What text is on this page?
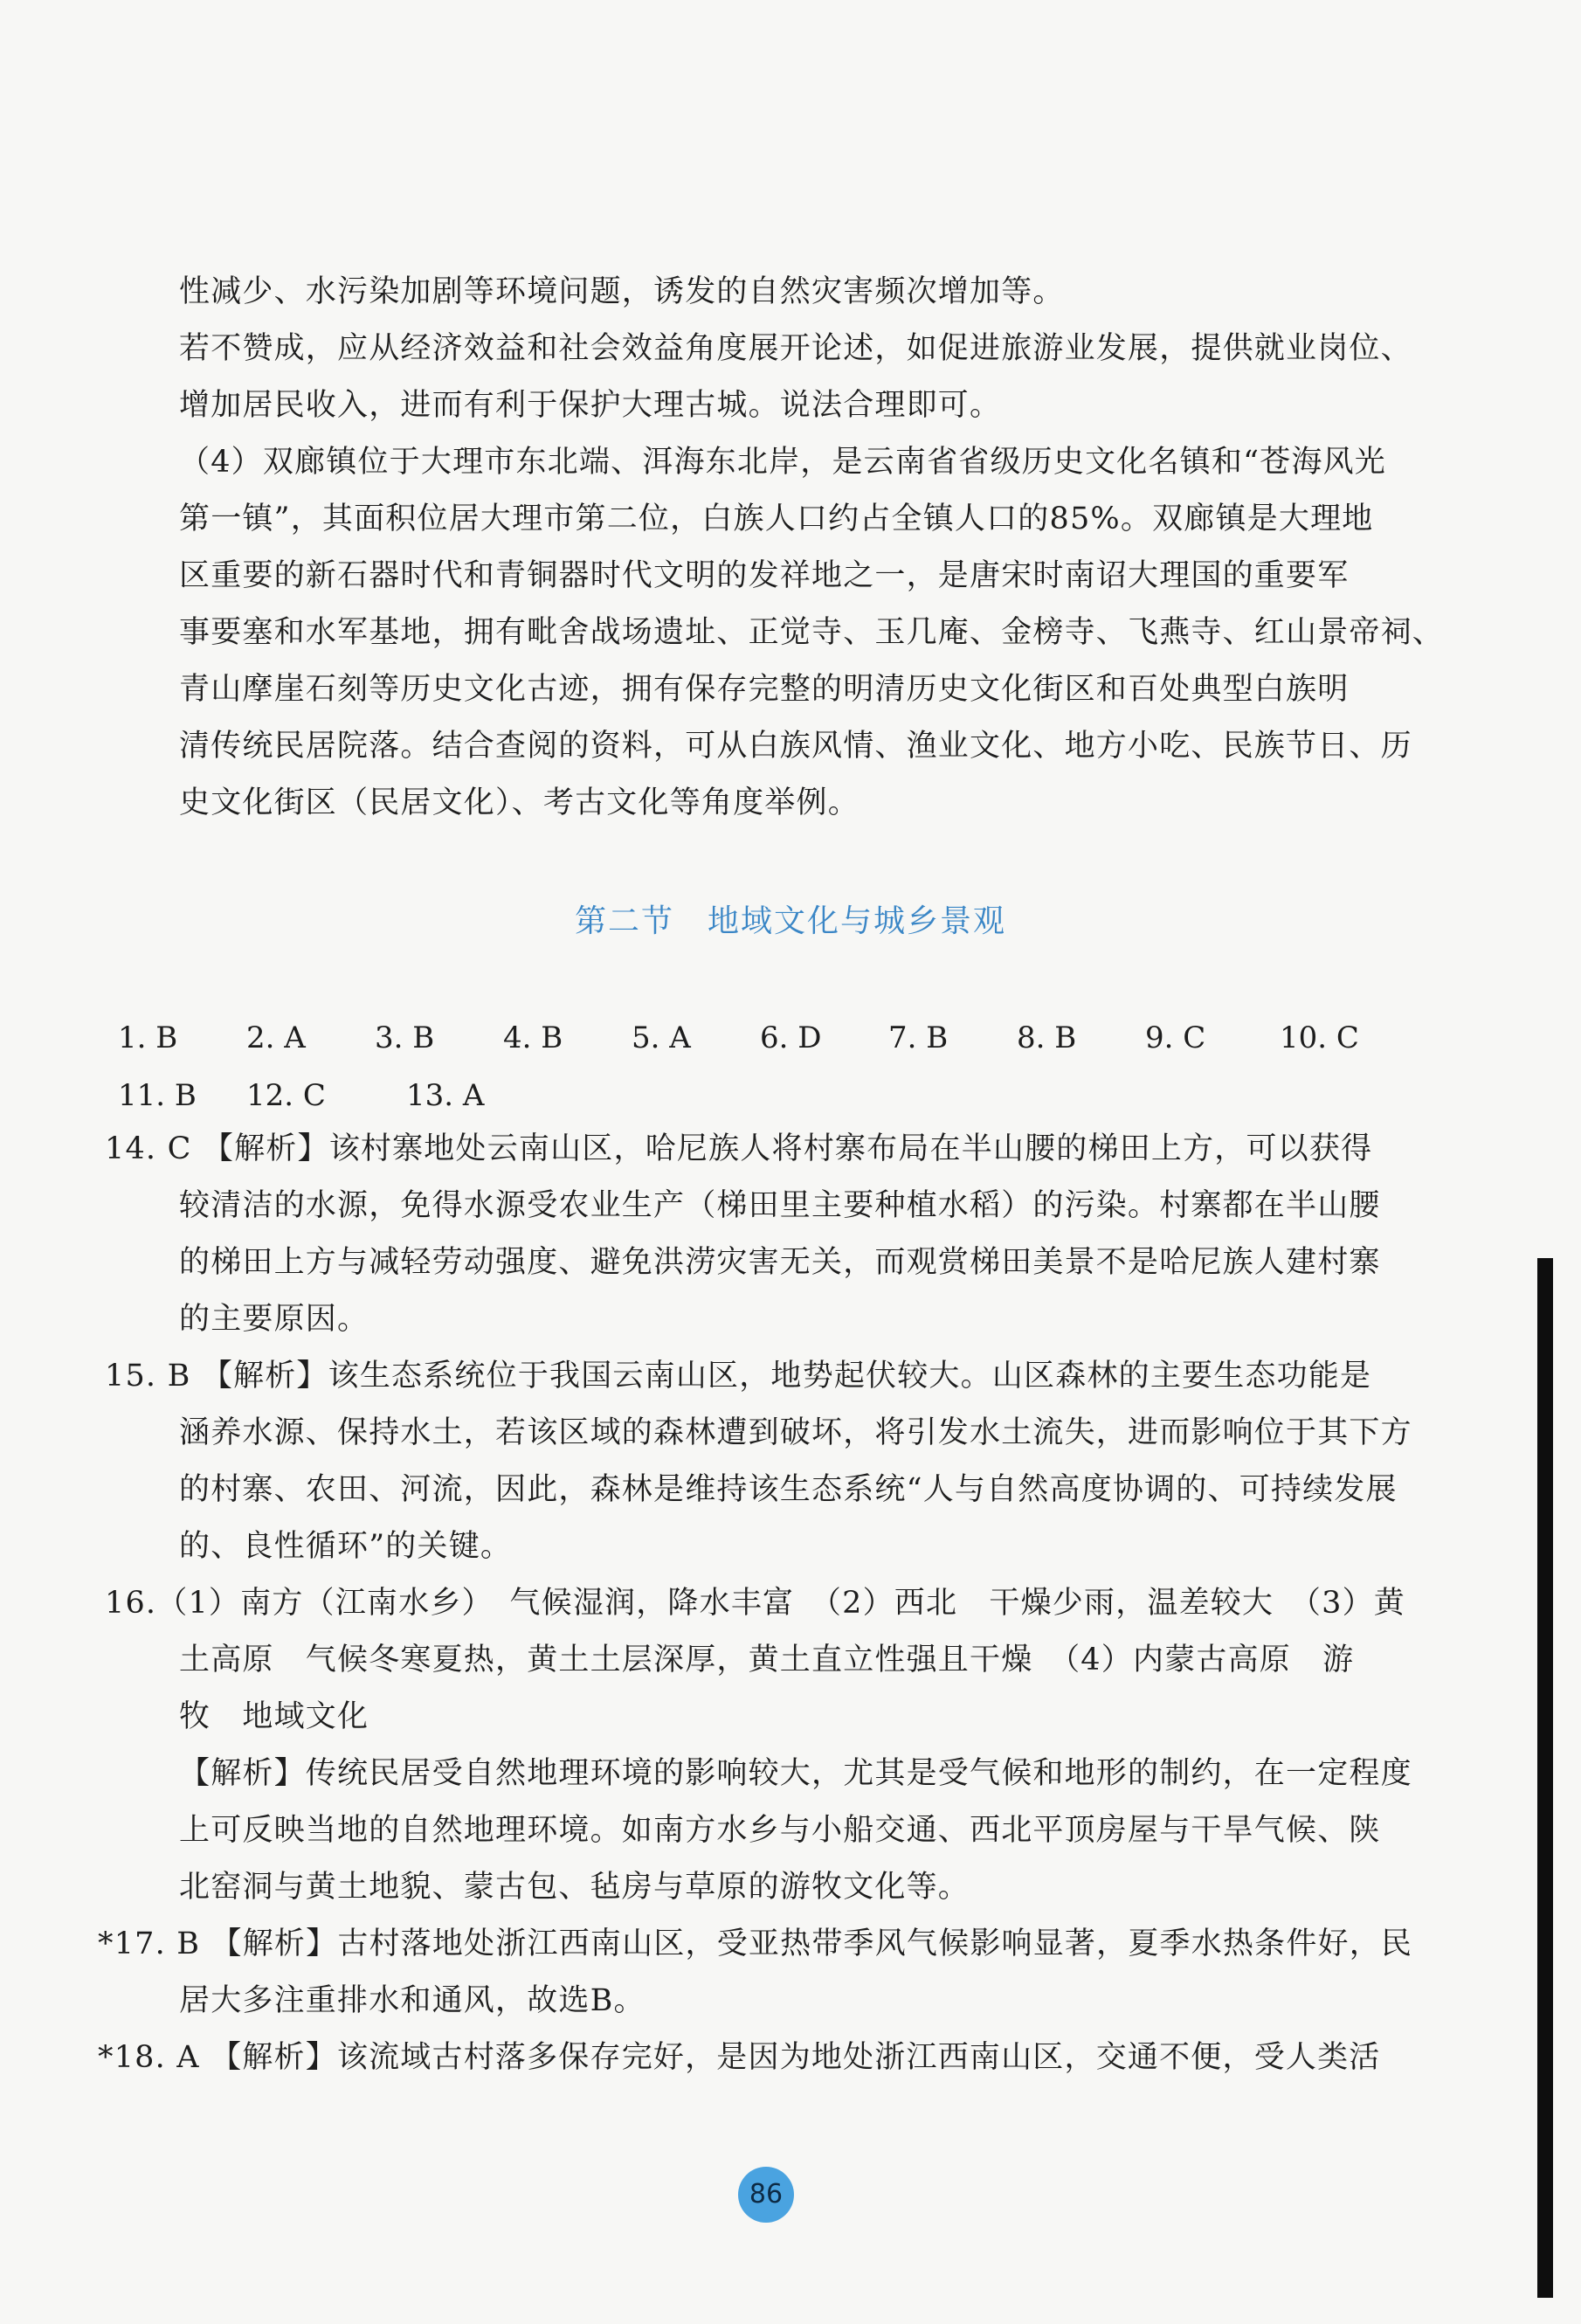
性减少、水污染加剧等环境问题，诱发的自然灾害频次增加等。
若不赞成，应从经济效益和社会效益角度展开论述，如促进旅游业发展，提供就业岗位、
增加居民收入，进而有利于保护大理古城。说法合理即可。
（4）双廊镇位于大理市东北端、洱海东北岸，是云南省省级历史文化名镇和“苍海风光
第一镇”，其面积位居大理市第二位，白族人口约占全镇人口的85%。双廊镇是大理地
区重要的新石器时代和青铜器时代文明的发祥地之一，是唐宋时南诏大理国的重要军
事要塞和水军基地，拥有毗舍战场遗址、正觉寺、玉几庵、金榜寺、飞燕寺、红山景帝祠、
青山摩崖石刻等历史文化古迹，拥有保存完整的明清历史文化街区和百处典型白族明
清传统民居院落。结合查阅的资料，可从白族风情、渔业文化、地方小吃、民族节日、历
史文化街区（民居文化）、考古文化等角度举例。
第二节　地域文化与城乡景观
1. B 2. A 3. B 4. B 5. A 6. D 7. B 8. B 9. C 10. C
11. B 12. C	13. A
14. C 【解析】该村寨地处云南山区，哈尼族人将村寨布局在半山腰的梯田上方，可以获得
较清洁的水源，免得水源受农业生产（梯田里主要种植水稻）的污染。村寨都在半山腰
的梯田上方与减轻劳动强度、避免洪涝灾害无关，而观赏梯田美景不是哈尼族人建村寨
的主要原因。
15. B 【解析】该生态系统位于我国云南山区，地势起伏较大。山区森林的主要生态功能是
涵养水源、保持水土，若该区域的森林遭到破坏，将引发水土流失，进而影响位于其下方
的村寨、农田、河流，因此，森林是维持该生态系统“人与自然高度协调的、可持续发展
的、良性循环”的关键。
16.（1）南方（江南水乡）　气候湿润，降水丰富　（2）西北　干燥少雨，温差较大　（3）黄
土高原　气候冬寒夏热，黄土土层深厚，黄土直立性强且干燥　（4）内蒙古高原　游
牧　地域文化
【解析】传统民居受自然地理环境的影响较大，尤其是受气候和地形的制约，在一定程度
上可反映当地的自然地理环境。如南方水乡与小船交通、西北平顶房屋与干旱气候、陕
北窑洞与黄土地貌、蒙古包、毡房与草原的游牧文化等。
*17. B 【解析】古村落地处浙江西南山区，受亚热带季风气候影响显著，夏季水热条件好，民
居大多注重排水和通风，故选B。
*18. A 【解析】该流域古村落多保存完好，是因为地处浙江西南山区，交通不便，受人类活
86
